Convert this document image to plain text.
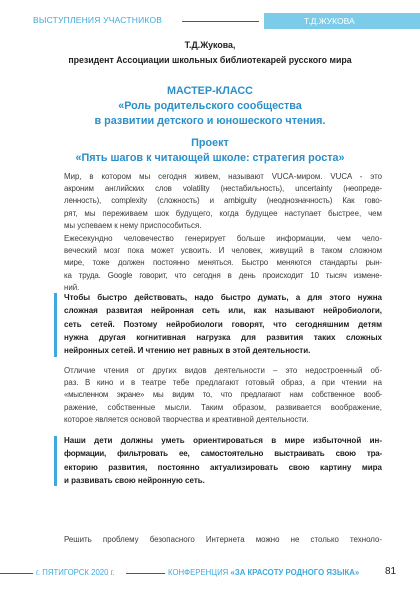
ВЫСТУПЛЕНИЯ УЧАСТНИКОВ	Т.Д.ЖУКОВА
Т.Д.Жукова,
президент Ассоциации школьных библиотекарей русского мира
МАСТЕР-КЛАСС
«Роль родительского сообщества
в развитии детского и юношеского чтения.
Проект
«Пять шагов к читающей школе: стратегия роста»
Мир, в котором мы сегодня живем, называют VUCA-миром. VUCA - это
акроним английских слов volatility (нестабильность), uncertainty (неопреде-
ленность), complexity (сложность) и ambiguity (неоднозначность) Как гово-
рят, мы переживаем шок будущего, когда будущее наступает быстрее, чем
мы успеваем к нему приспособиться.
Ежесекундно человечество генерирует больше информации, чем чело-
веческий мозг пока может усвоить. И человек, живущий в таком сложном
мире, тоже должен постоянно меняться. Быстро меняются стандарты рын-
ка труда. Google говорит, что сегодня в день происходит 10 тысяч измене-
ний.
Чтобы быстро действовать, надо быстро думать, а для этого нужна
сложная развитая нейронная сеть или, как называют нейробиологи,
сеть сетей. Поэтому нейробиологи говорят, что сегодняшним детям
нужна другая когнитивная нагрузка для развития таких сложных
нейронных сетей. И чтению нет равных в этой деятельности.
Отличие чтения от других видов деятельности – это недостроенный об-
раз. В кино и в театре тебе предлагают готовый образ, а при чтении на
«мысленном экране» мы видим то, что предлагают нам собственное вооб-
ражение, собственные мысли. Таким образом, развивается воображение,
которое является основой творчества и креативной деятельности.
Наши дети должны уметь ориентироваться в мире избыточной ин-
формации, фильтровать ее, самостоятельно выстраивать свою тра-
екторию развития, постоянно актуализировать свою картину мира
и развивать свою нейронную сеть.
Решить проблему безопасного Интернета можно не столько техноло-
г. ПЯТИГОРСК 2020 г.	КОНФЕРЕНЦИЯ «ЗА КРАСОТУ РОДНОГО ЯЗЫКА»	81
